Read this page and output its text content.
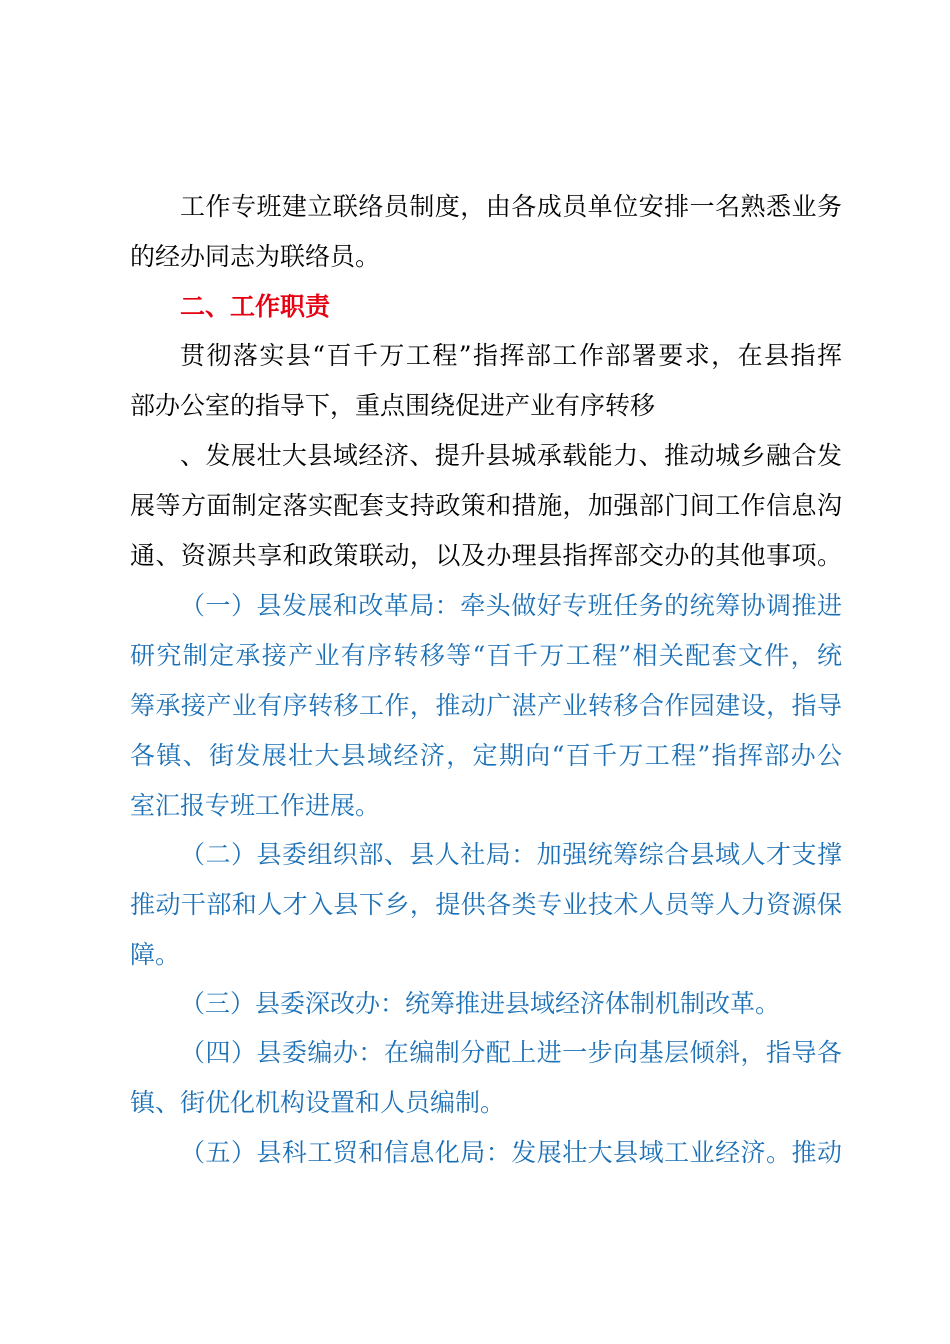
工作专班建立联络员制度，由各成员单位安排一名熟悉业务
的经办同志为联络员。
二、工作职责
贯彻落实县“百千万工程”指挥部工作部署要求，在县指挥
部办公室的指导下，重点围绕促进产业有序转移
、发展壮大县域经济、提升县城承载能力、推动城乡融合发
展等方面制定落实配套支持政策和措施，加强部门间工作信息沟
通、资源共享和政策联动，以及办理县指挥部交办的其他事项。
（一）县发展和改革局：牵头做好专班任务的统筹协调推进
研究制定承接产业有序转移等“百千万工程”相关配套文件，统
筹承接产业有序转移工作，推动广湛产业转移合作园建设，指导
各镇、街发展壮大县域经济，定期向“百千万工程”指挥部办公
室汇报专班工作进展。
（二）县委组织部、县人社局：加强统筹综合县域人才支撑
推动干部和人才入县下乡，提供各类专业技术人员等人力资源保
障。
（三）县委深改办：统筹推进县域经济体制机制改革。
（四）县委编办：在编制分配上进一步向基层倾斜，指导各
镇、街优化机构设置和人员编制。
（五）县科工贸和信息化局：发展壮大县域工业经济。推动
